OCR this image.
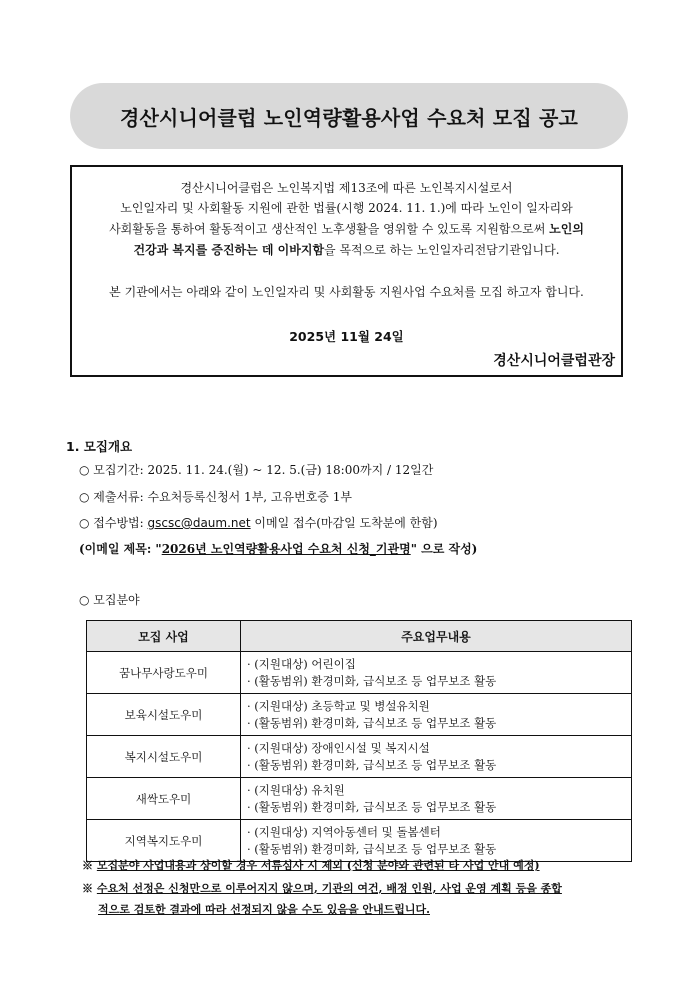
경산시니어클럽 노인역량활용사업 수요처 모집 공고
경산시니어클럽은 노인복지법 제13조에 따른 노인복지시설로서
노인일자리 및 사회활동 지원에 관한 법률(시행 2024. 11. 1.)에 따라 노인이 일자리와
사회활동을 통하여 활동적이고 생산적인 노후생활을 영위할 수 있도록 지원함으로써 노인의
건강과 복지를 증진하는 데 이바지함을 목적으로 하는 노인일자리전담기관입니다.
본 기관에서는 아래와 같이 노인일자리 및 사회활동 지원사업 수요처를 모집 하고자 합니다.
2025년 11월 24일
경산시니어클럽관장
1. 모집개요
○ 모집기간: 2025. 11. 24.(월) ~ 12. 5.(금) 18:00까지 / 12일간
○ 제출서류: 수요처등록신청서 1부, 고유번호증 1부
○ 접수방법: gscsc@daum.net 이메일 접수(마감일 도착분에 한함)
(이메일 제목: "2026년 노인역량활용사업 수요처 신청_기관명" 으로 작성)
○ 모집분야
모집 사업	주요업무내용
꿈나무사랑도우미	· (지원대상) 어린이집
· (활동범위) 환경미화, 급식보조 등 업무보조 활동

보육시설도우미	· (지원대상) 초등학교 및 병설유치원
· (활동범위) 환경미화, 급식보조 등 업무보조 활동

복지시설도우미	· (지원대상) 장애인시설 및 복지시설
· (활동범위) 환경미화, 급식보조 등 업무보조 활동

새싹도우미	· (지원대상) 유치원
· (활동범위) 환경미화, 급식보조 등 업무보조 활동

지역복지도우미	· (지원대상) 지역아동센터 및 돌봄센터
· (활동범위) 환경미화, 급식보조 등 업무보조 활동
※ 모집분야 사업내용과 상이할 경우 서류심사 시 제외 (신청 분야와 관련된 타 사업 안내 예정)
※ 수요처 선정은 신청만으로 이루어지지 않으며, 기관의 여건, 배정 인원, 사업 운영 계획 등을 종합
적으로 검토한 결과에 따라 선정되지 않을 수도 있음을 안내드립니다.
